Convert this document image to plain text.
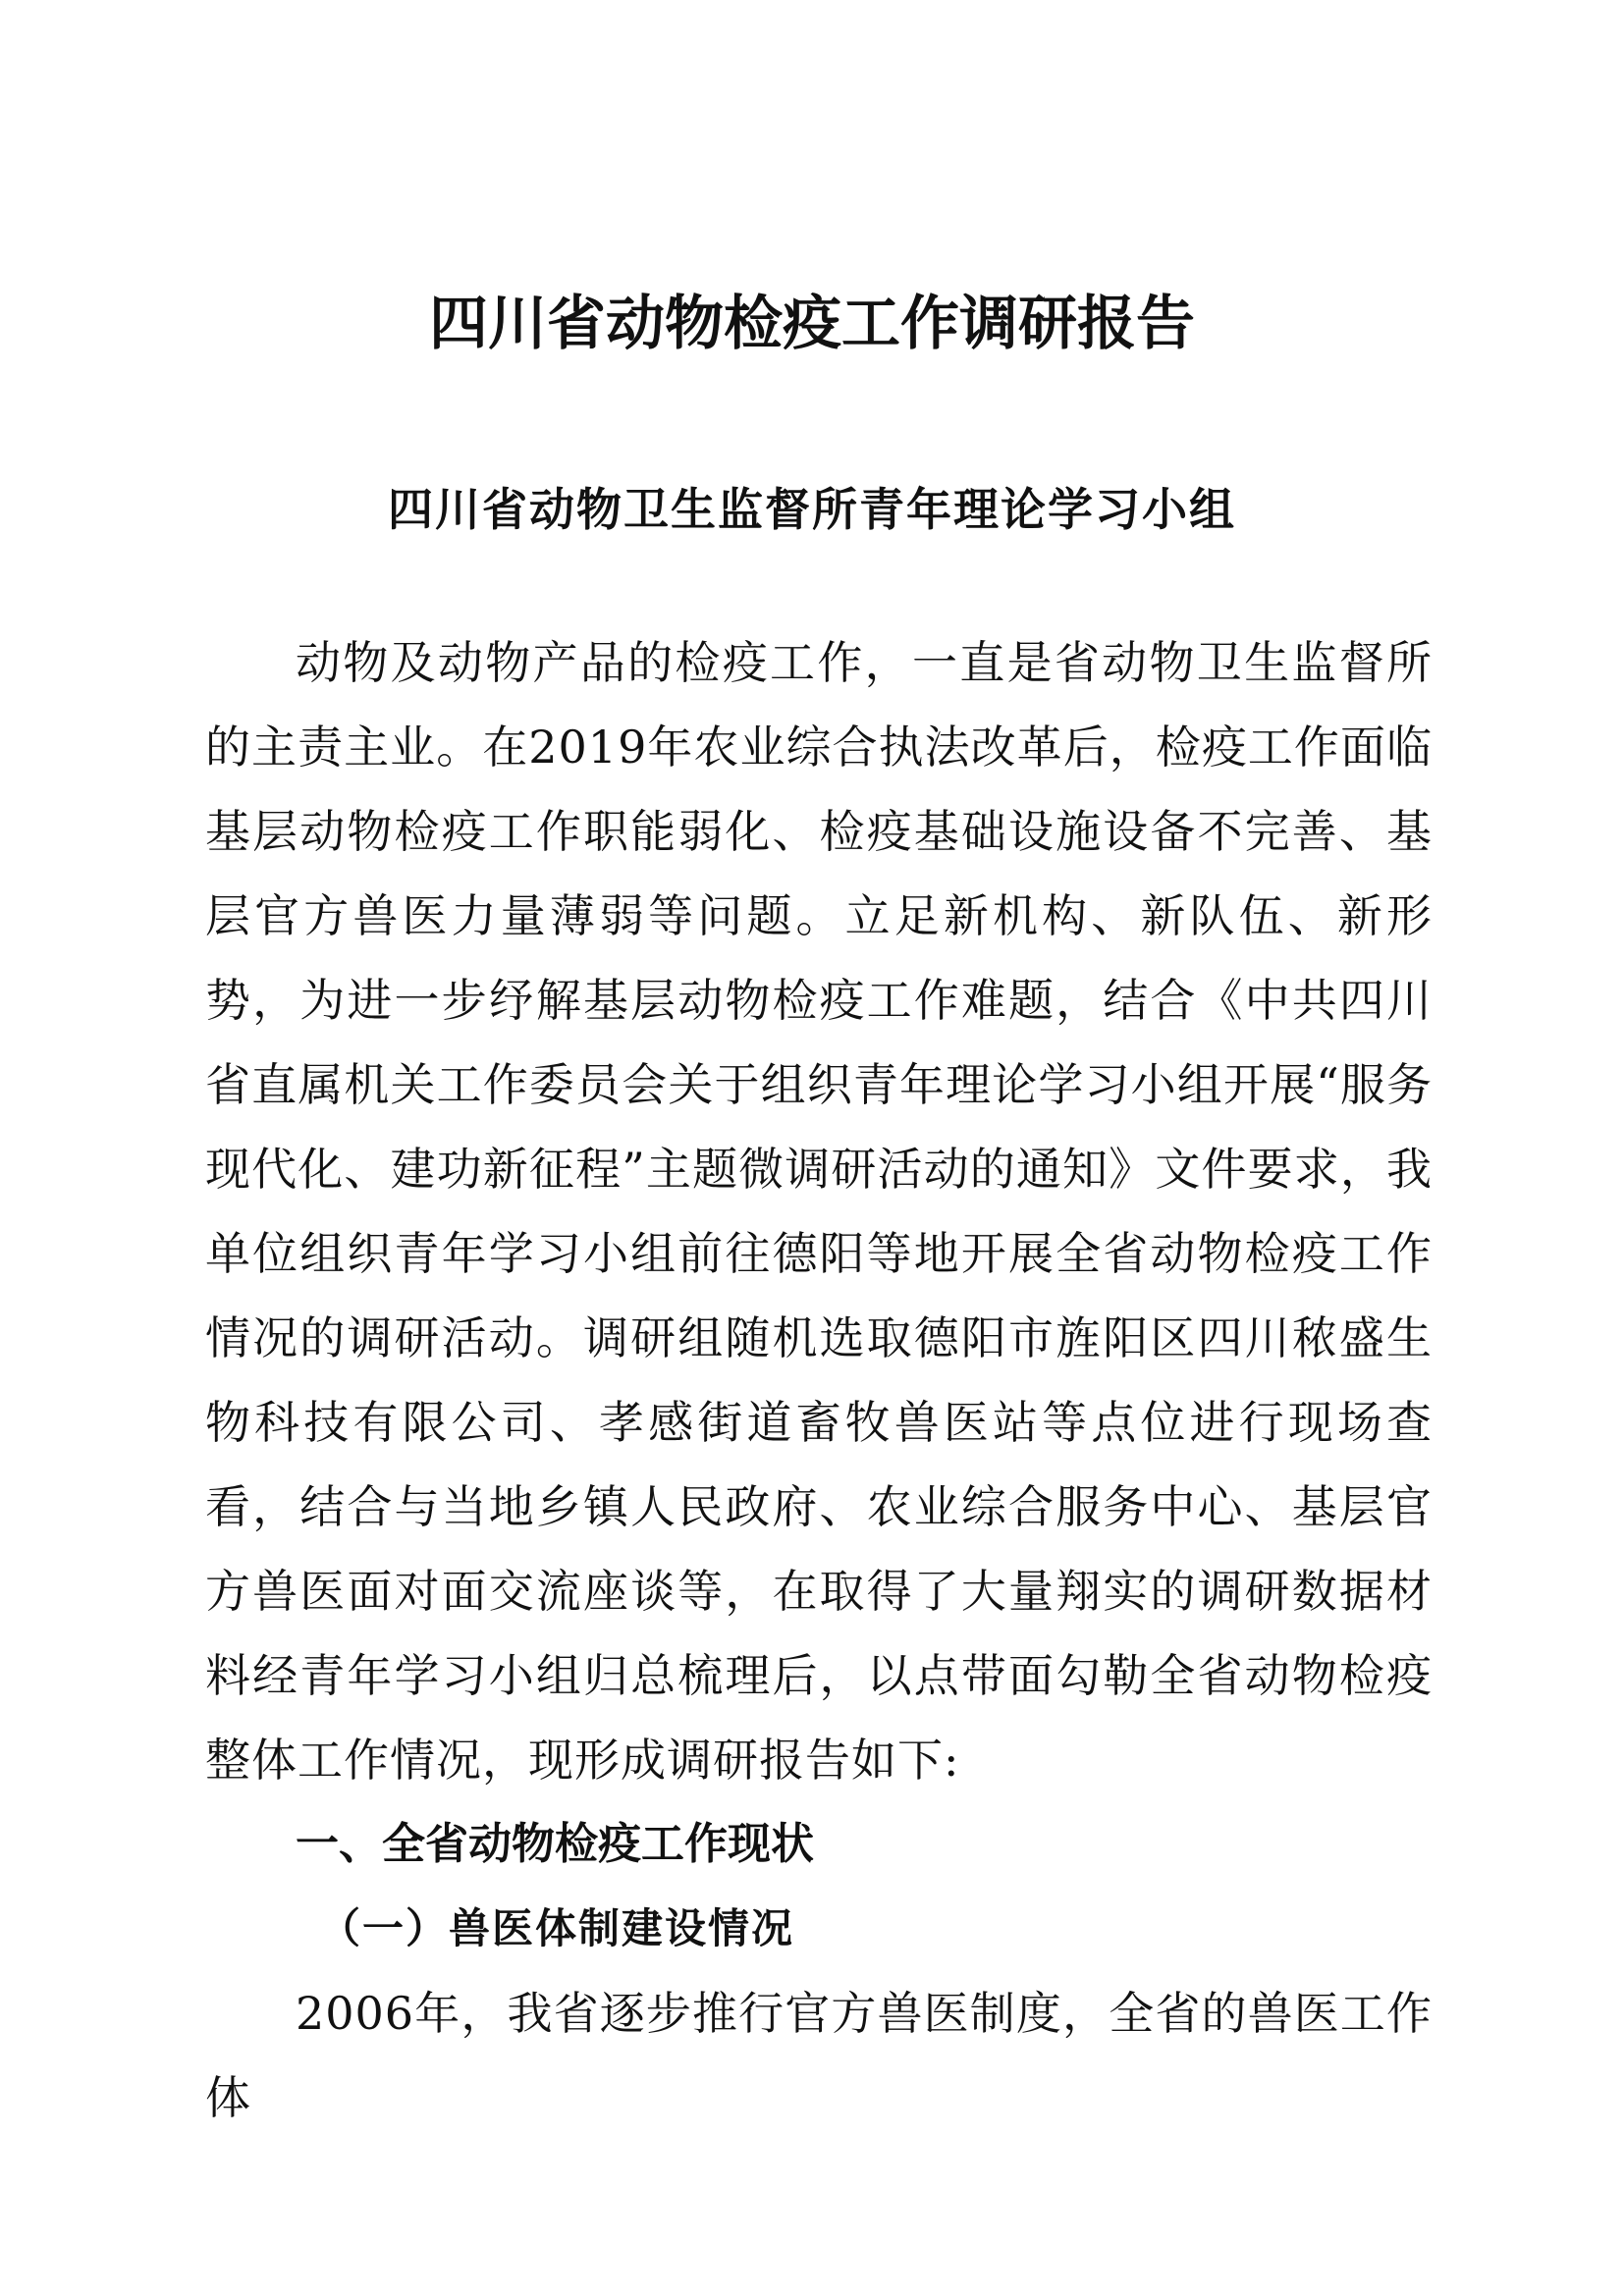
四川省动物检疫工作调研报告
四川省动物卫生监督所青年理论学习小组

动物及动物产品的检疫工作，一直是省动物卫生监督所的主责主业。在2019年农业综合执法改革后，检疫工作面临基层动物检疫工作职能弱化、检疫基础设施设备不完善、基层官方兽医力量薄弱等问题。立足新机构、新队伍、新形势，为进一步纾解基层动物检疫工作难题，结合《中共四川省直属机关工作委员会关于组织青年理论学习小组开展“服务现代化、建功新征程”主题微调研活动的通知》文件要求，我单位组织青年学习小组前往德阳等地开展全省动物检疫工作情况的调研活动。调研组随机选取德阳市旌阳区四川秾盛生物科技有限公司、孝感街道畜牧兽医站等点位进行现场查看，结合与当地乡镇人民政府、农业综合服务中心、基层官方兽医面对面交流座谈等，在取得了大量翔实的调研数据材料经青年学习小组归总梳理后，以点带面勾勒全省动物检疫整体工作情况，现形成调研报告如下:

一、全省动物检疫工作现状
（一）兽医体制建设情况

2006年，我省逐步推行官方兽医制度，全省的兽医工作体
